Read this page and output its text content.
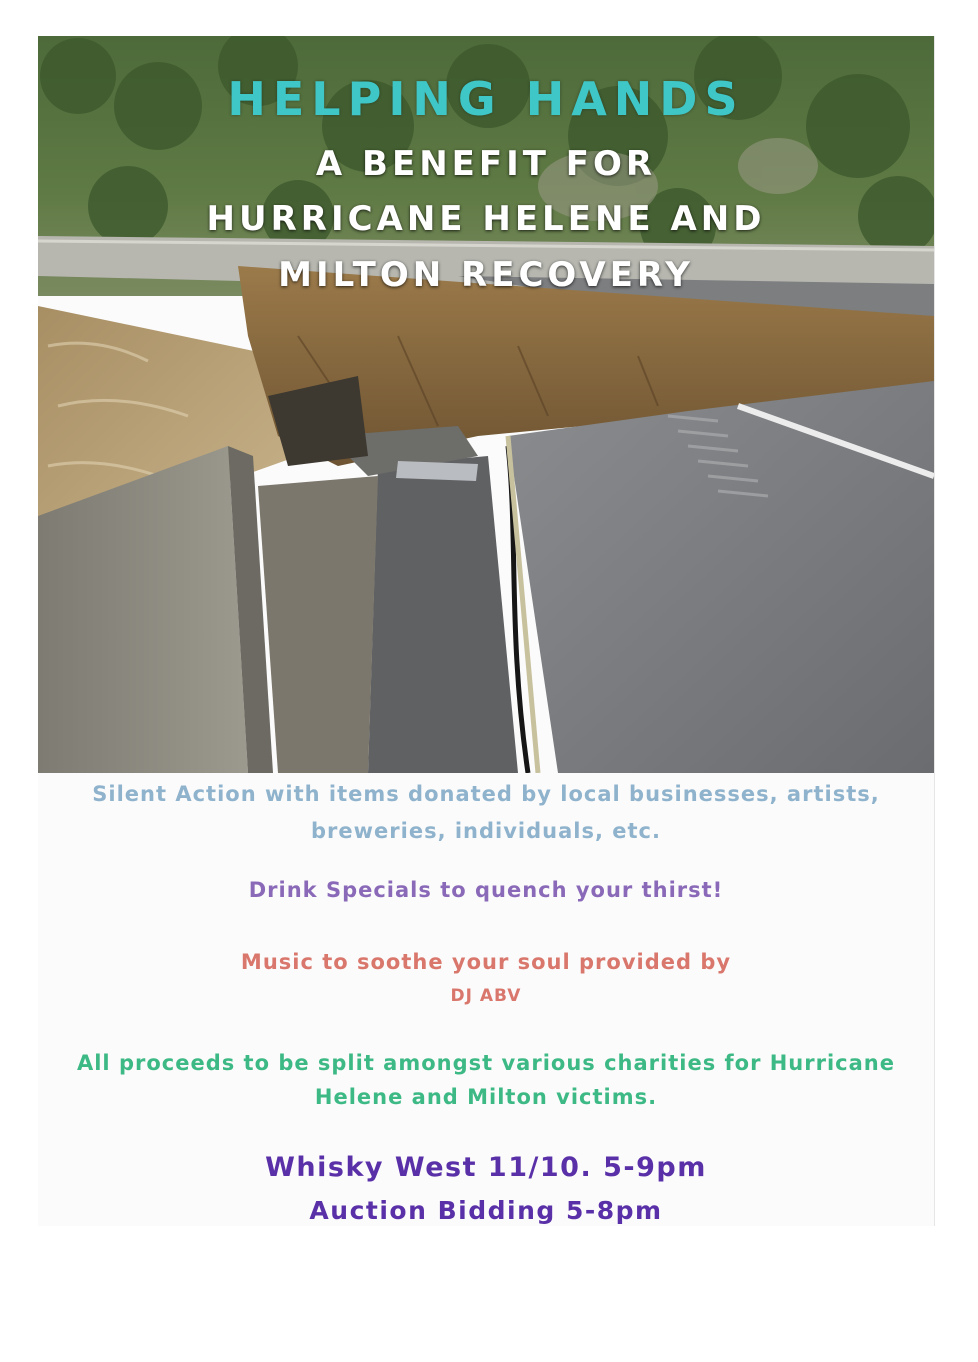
HELPING HANDS
A BENEFIT FOR
HURRICANE HELENE AND
MILTON RECOVERY
Silent Action with items donated by local businesses, artists,
breweries, individuals, etc.
Drink Specials to quench your thirst!
Music to soothe your soul provided by
DJ ABV
All proceeds to be split amongst various charities for Hurricane
Helene and Milton victims.
Whisky West 11/10. 5-9pm
Auction Bidding 5-8pm
